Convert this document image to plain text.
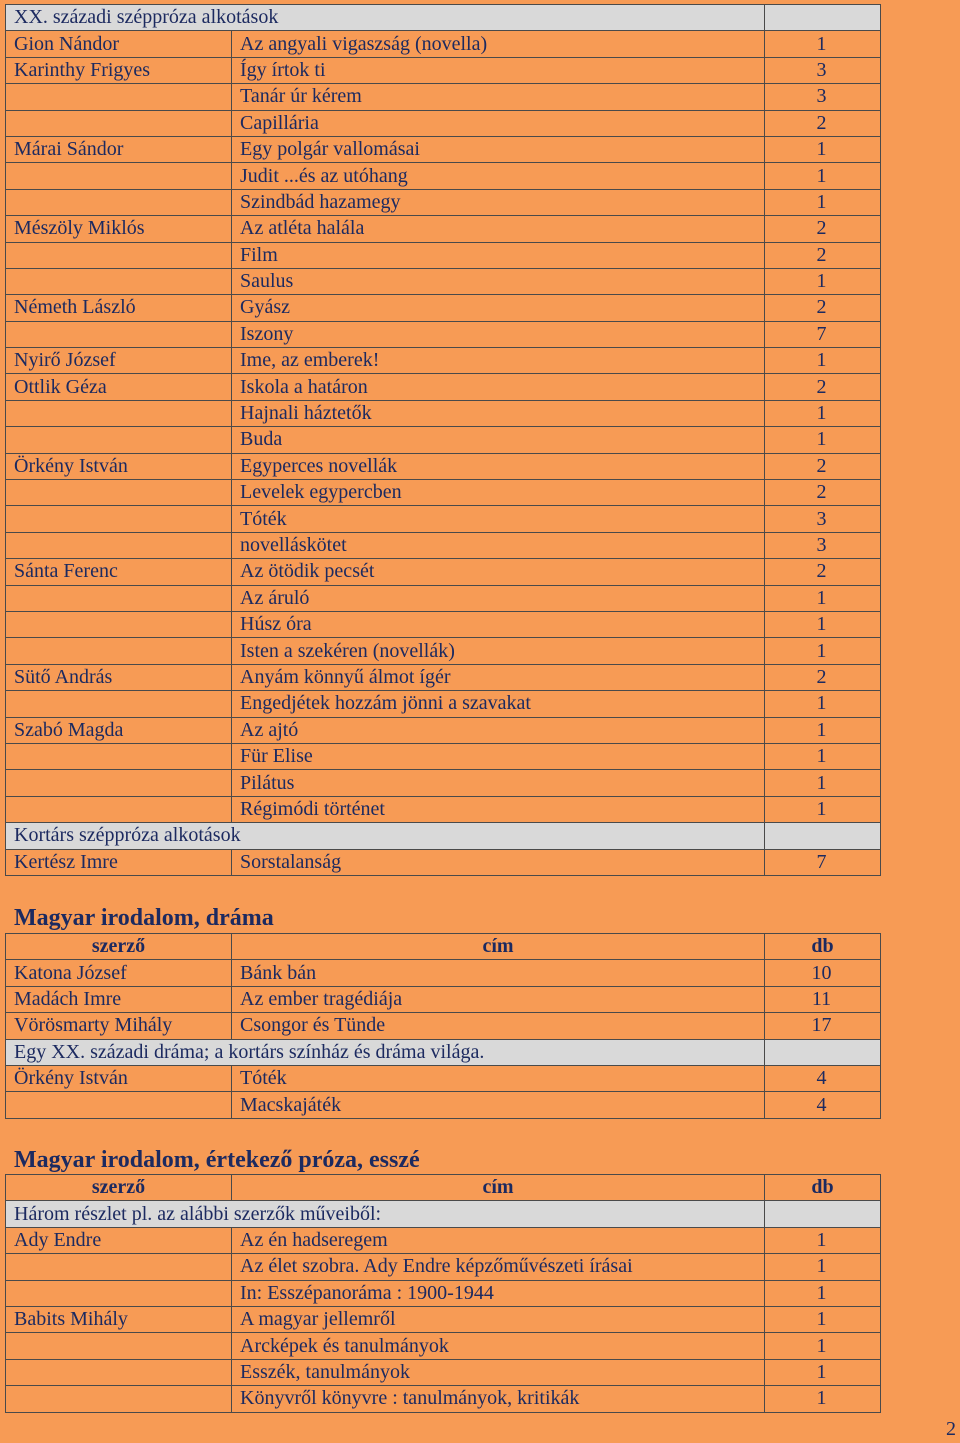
XX. századi széppróza alkotások		
Gion Nándor	Az angyali vigaszság (novella)	1
Karinthy Frigyes	Így írtok ti	3
	Tanár úr kérem	3
	Capillária	2
Márai Sándor	Egy polgár vallomásai	1
	Judit ...és az utóhang	1
	Szindbád hazamegy	1
Mészöly Miklós	Az atléta halála	2
	Film	2
	Saulus	1
Németh László	Gyász	2
	Iszony	7
Nyirő József	Ime, az emberek!	1
Ottlik Géza	Iskola a határon	2
	Hajnali háztetők	1
	Buda	1
Örkény István	Egyperces novellák	2
	Levelek egypercben	2
	Tóték	3
	novelláskötet	3
Sánta Ferenc	Az ötödik pecsét	2
	Az áruló	1
	Húsz óra	1
	Isten a szekéren (novellák)	1
Sütő András	Anyám könnyű álmot ígér	2
	Engedjétek hozzám jönni a szavakat	1
Szabó Magda	Az ajtó	1
	Für Elise	1
	Pilátus	1
	Régimódi történet	1
Kortárs széppróza alkotások		
Kertész Imre	Sorstalanság	7
Magyar irodalom, dráma
szerző	cím	db
Katona József	Bánk bán	10
Madách Imre	Az ember tragédiája	11
Vörösmarty Mihály	Csongor és Tünde	17
Egy XX. századi dráma; a kortárs színház és dráma világa.		
Örkény István	Tóték	4
	Macskajáték	4
Magyar irodalom, értekező próza, esszé
szerző	cím	db
Három részlet pl. az alábbi szerzők műveiből:		
Ady Endre	Az én hadseregem	1
	Az élet szobra. Ady Endre képzőművészeti írásai	1
	In: Esszépanoráma : 1900-1944	1
Babits Mihály	A magyar jellemről	1
	Arcképek és tanulmányok	1
	Esszék, tanulmányok	1
	Könyvről könyvre : tanulmányok, kritikák	1
2
